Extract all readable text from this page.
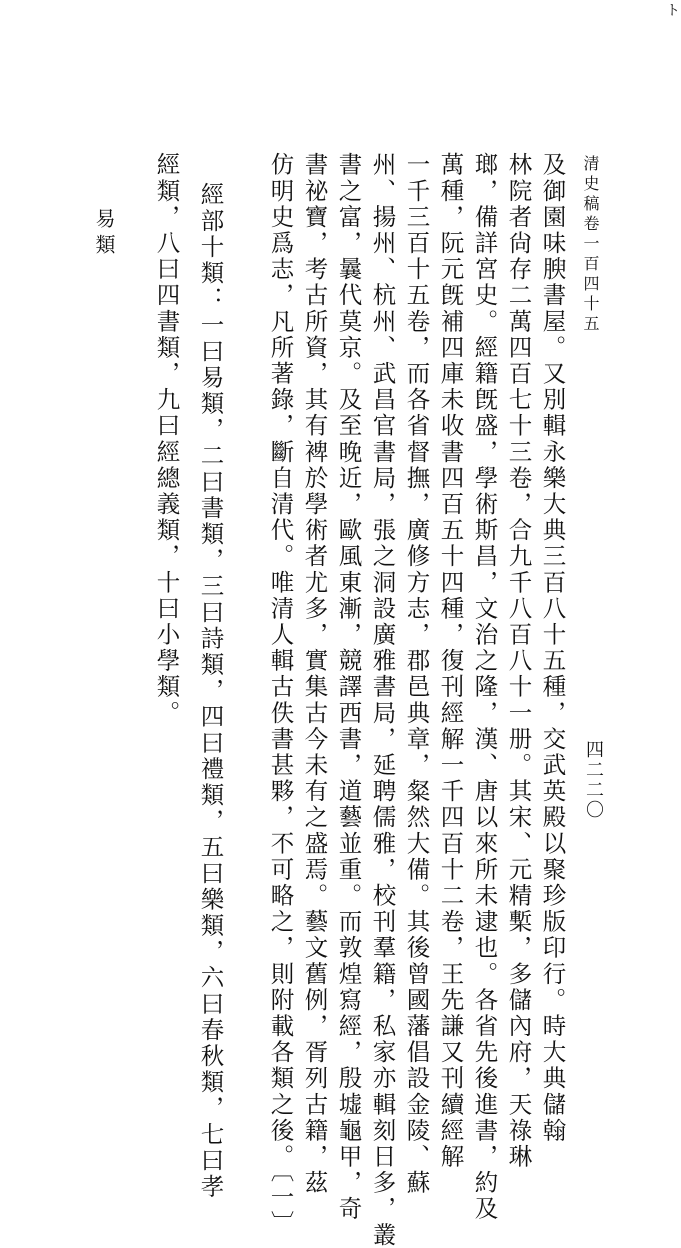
ト
清史稿卷一百四十五
四二二〇
及御園味腴書屋。又別輯永樂大典三百八十五種，交武英殿以聚珍版印行。時大典儲翰
林院者尙存二萬四百七十三卷，合九千八百八十一册。其宋、元精槧，多儲內府，天祿琳
瑯，備詳宮史。經籍旣盛，學術斯昌，文治之隆，漢、唐以來所未逮也。各省先後進書，約及
萬種，阮元旣補四庫未收書四百五十四種，復刊經解一千四百十二卷，王先謙又刊續經解
一千三百十五卷，而各省督撫，廣修方志，郡邑典章，粲然大備。其後曾國藩倡設金陵、蘇
州、揚州、杭州、武昌官書局，張之洞設廣雅書局，延聘儒雅，校刊羣籍，私家亦輯刻日多，叢
書之富，曩代莫京。及至晚近，歐風東漸，競譯西書，道藝並重。而敦煌寫經，殷墟龜甲，奇
書祕寶，考古所資，其有裨於學術者尤多，實集古今未有之盛焉。藝文舊例，胥列古籍，茲
仿明史爲志，凡所著錄，斷自清代。唯清人輯古佚書甚夥，不可略之，則附載各類之後。〔一〕
經部十類：一曰易類，二曰書類，三曰詩類，四曰禮類，五曰樂類，六曰春秋類，七曰孝
經類，八曰四書類，九曰經總義類，十曰小學類。
易類
